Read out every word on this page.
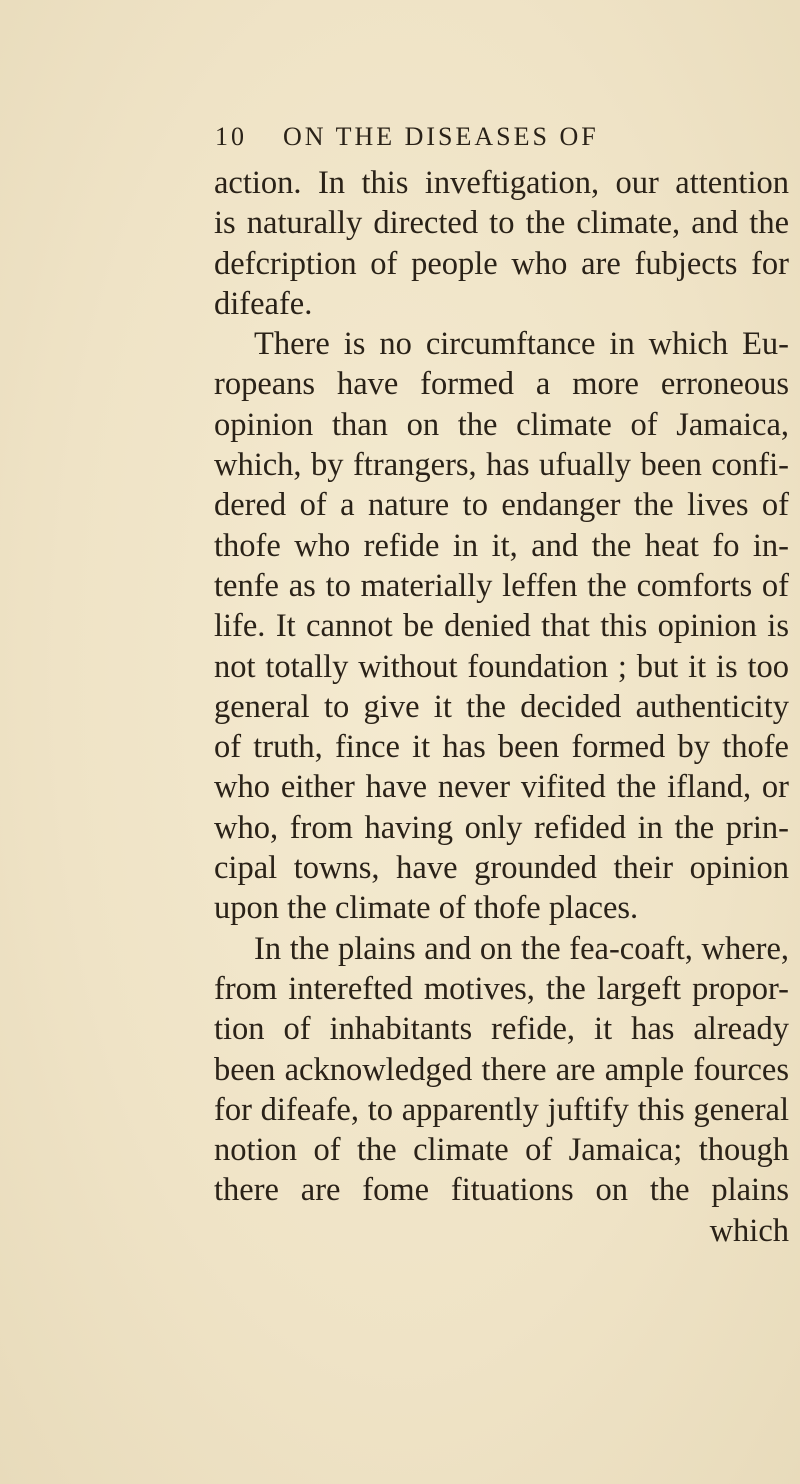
10 ON THE DISEASES OF
action. In this inveftigation, our attention
is naturally directed to the climate, and the
defcription of people who are fubjects for
difeafe.
There is no circumftance in which Eu-
ropeans have formed a more erroneous
opinion than on the climate of Jamaica,
which, by ftrangers, has ufually been confi-
dered of a nature to endanger the lives of
thofe who refide in it, and the heat fo in-
tenfe as to materially leffen the comforts of
life. It cannot be denied that this opinion is
not totally without foundation ; but it is too
general to give it the decided authenticity
of truth, fince it has been formed by thofe
who either have never vifited the ifland, or
who, from having only refided in the prin-
cipal towns, have grounded their opinion
upon the climate of thofe places.
In the plains and on the fea-coaft, where,
from interefted motives, the largeft propor-
tion of inhabitants refide, it has already
been acknowledged there are ample fources
for difeafe, to apparently juftify this general
notion of the climate of Jamaica; though
there are fome fituations on the plains
which
